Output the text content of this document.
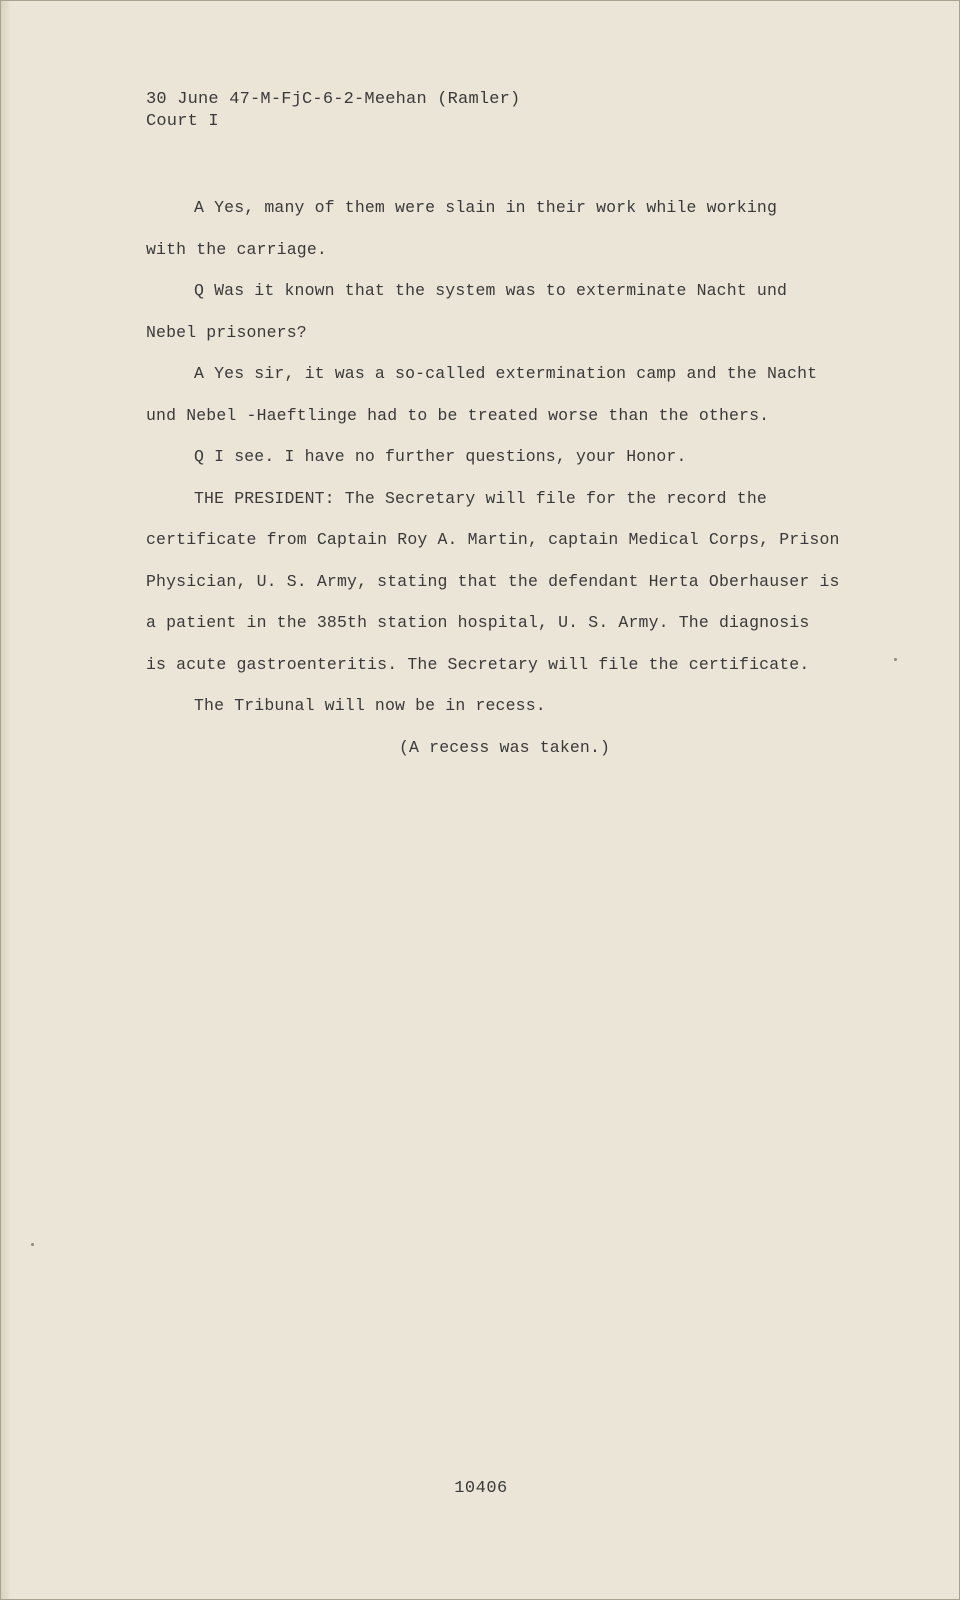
30 June 47-M-FjC-6-2-Meehan (Ramler)
Court I
A Yes, many of them were slain in their work while working
with the carriage.
Q Was it known that the system was to exterminate Nacht und
Nebel prisoners?
A Yes sir, it was a so-called extermination camp and the Nacht
und Nebel -Haeftlinge had to be treated worse than the others.
Q I see. I have no further questions, your Honor.
THE PRESIDENT: The Secretary will file for the record the
certificate from Captain Roy A. Martin, captain Medical Corps, Prison
Physician, U. S. Army, stating that the defendant Herta Oberhauser is
a patient in the 385th station hospital, U. S. Army. The diagnosis
is acute gastroenteritis. The Secretary will file the certificate.
The Tribunal will now be in recess.
(A recess was taken.)
10406
